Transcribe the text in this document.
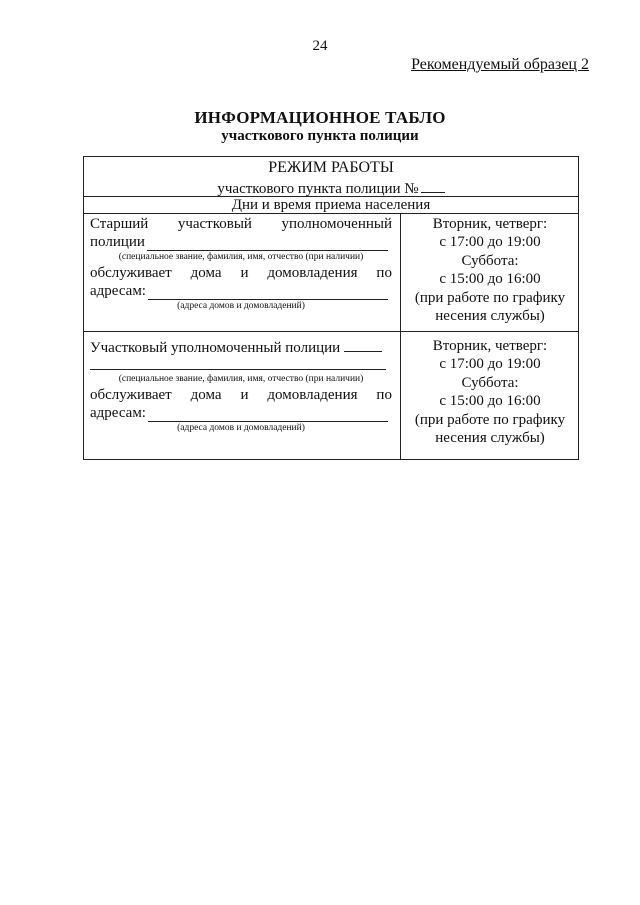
24
Рекомендуемый образец 2
ИНФОРМАЦИОННОЕ ТАБЛО
участкового пункта полиции
РЕЖИМ РАБОТЫ
участкового пункта полиции №
Дни и время приема населения
Старший участковый уполномоченный
полиции
(специальное звание, фамилия, имя, отчество (при наличии)
обслуживает дома и домовладения по
адресам:
(адреса домов и домовладений)
Вторник, четверг:
с 17:00 до 19:00
Суббота:
с 15:00 до 16:00
(при работе по графику
несения службы)
Участковый уполномоченный полиции
(специальное звание, фамилия, имя, отчество (при наличии)
обслуживает дома и домовладения по
адресам:
(адреса домов и домовладений)
Вторник, четверг:
с 17:00 до 19:00
Суббота:
с 15:00 до 16:00
(при работе по графику
несения службы)
